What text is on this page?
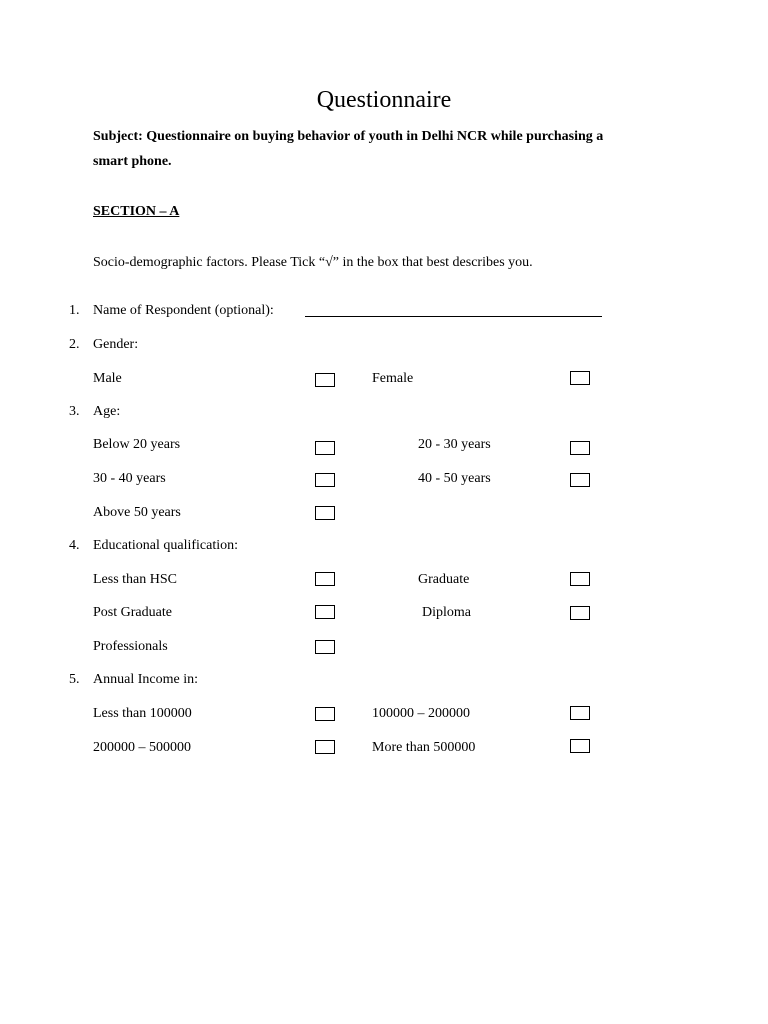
Questionnaire
Subject: Questionnaire on buying behavior of youth in Delhi NCR while purchasing a
smart phone.
SECTION – A
Socio-demographic factors. Please Tick “√” in the box that best describes you.
1. Name of Respondent (optional):
2. Gender:
Male	Female
3. Age:
Below 20 years	20 - 30 years
30 - 40 years	40 - 50 years
Above 50 years
4. Educational qualification:
Less than HSC	Graduate
Post Graduate	Diploma
Professionals
5. Annual Income in:
Less than 100000	100000 – 200000
200000 – 500000	More than 500000
